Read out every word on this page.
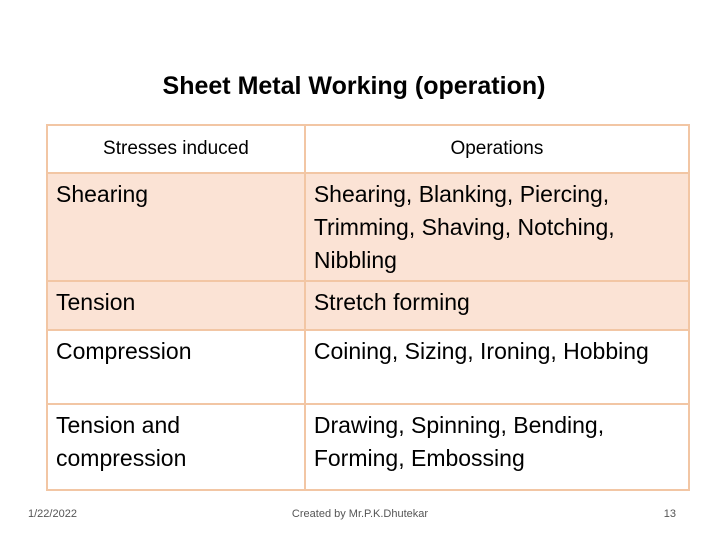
Sheet Metal Working (operation)
Stresses induced	Operations
Shearing	Shearing, Blanking, Piercing, Trimming, Shaving, Notching, Nibbling
Tension	Stretch forming
Compression	Coining, Sizing, Ironing, Hobbing
Tension and compression	Drawing, Spinning, Bending, Forming, Embossing
1/22/2022	Created by Mr.P.K.Dhutekar	13
